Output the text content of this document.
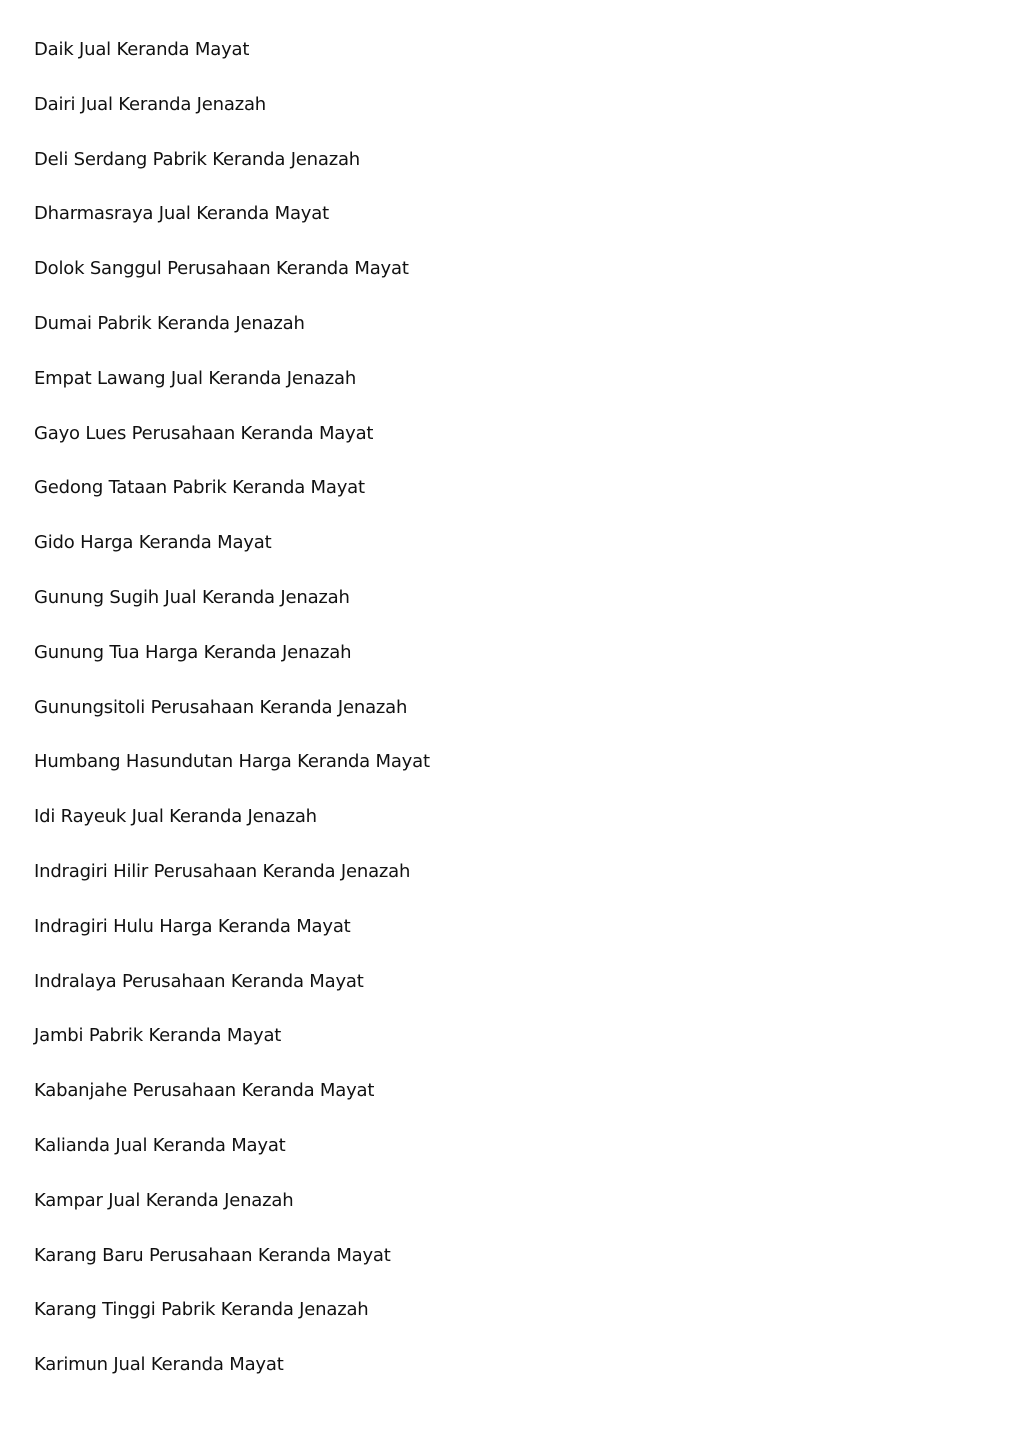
Daik Jual Keranda Mayat
Dairi Jual Keranda Jenazah
Deli Serdang Pabrik Keranda Jenazah
Dharmasraya Jual Keranda Mayat
Dolok Sanggul Perusahaan Keranda Mayat
Dumai Pabrik Keranda Jenazah
Empat Lawang Jual Keranda Jenazah
Gayo Lues Perusahaan Keranda Mayat
Gedong Tataan Pabrik Keranda Mayat
Gido Harga Keranda Mayat
Gunung Sugih Jual Keranda Jenazah
Gunung Tua Harga Keranda Jenazah
Gunungsitoli Perusahaan Keranda Jenazah
Humbang Hasundutan Harga Keranda Mayat
Idi Rayeuk Jual Keranda Jenazah
Indragiri Hilir Perusahaan Keranda Jenazah
Indragiri Hulu Harga Keranda Mayat
Indralaya Perusahaan Keranda Mayat
Jambi Pabrik Keranda Mayat
Kabanjahe Perusahaan Keranda Mayat
Kalianda Jual Keranda Mayat
Kampar Jual Keranda Jenazah
Karang Baru Perusahaan Keranda Mayat
Karang Tinggi Pabrik Keranda Jenazah
Karimun Jual Keranda Mayat
